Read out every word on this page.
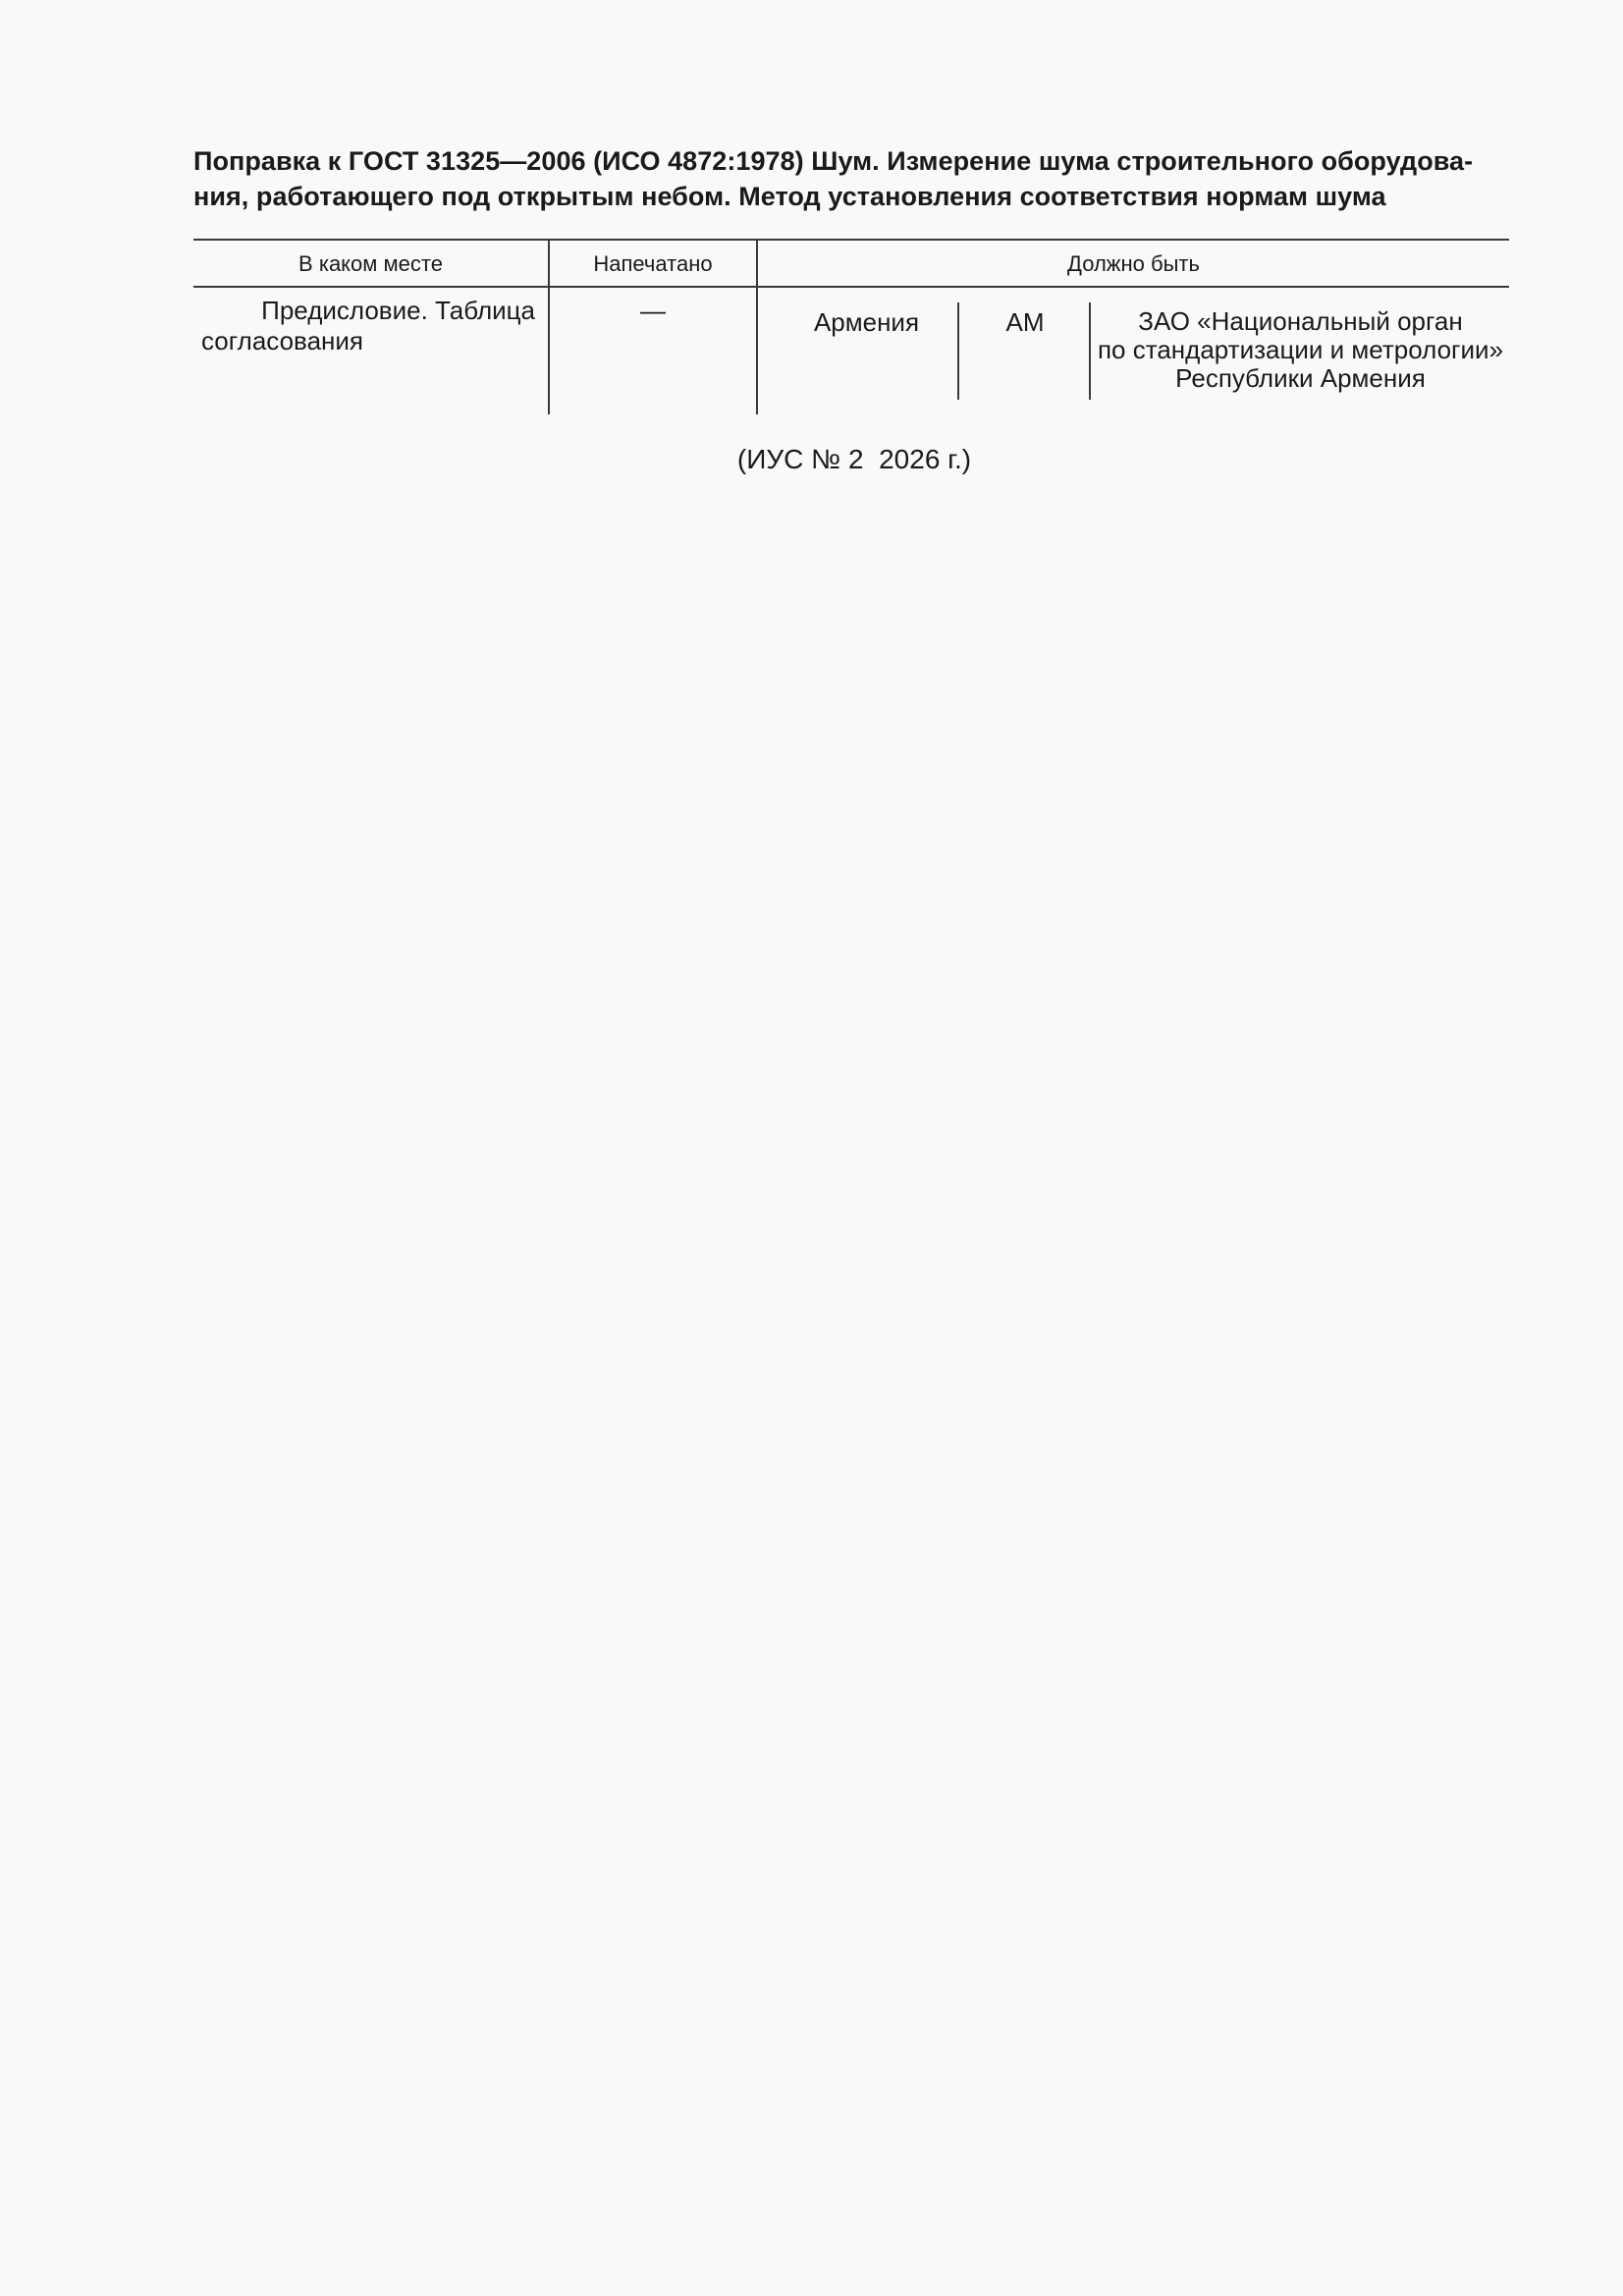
Поправка к ГОСТ 31325—2006 (ИСО 4872:1978) Шум. Измерение шума строительного оборудова-
ния, работающего под открытым небом. Метод установления соответствия нормам шума
В каком месте	Напечатано	Должно быть
Предисловие. Таблица
согласования
—	Армения	AM	ЗАО «Национальный орган
по стандартизации и метрологии»
Республики Армения
(ИУС № 2  2026 г.)
